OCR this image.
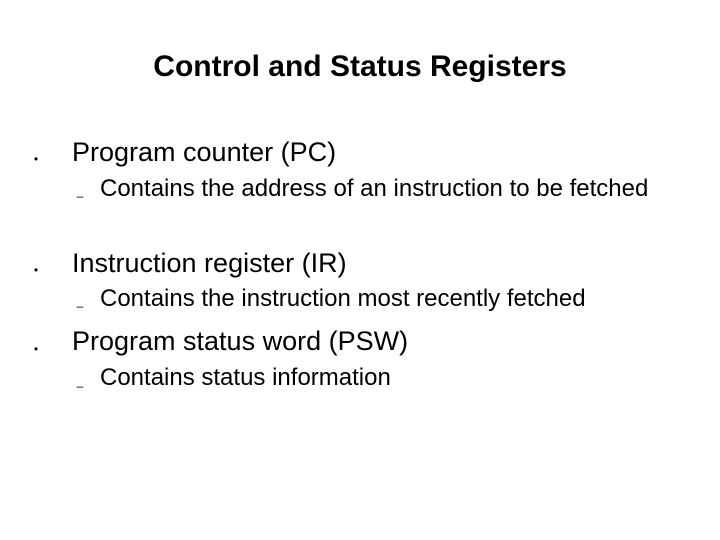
Control and Status Registers
• Program counter (PC)
– Contains the address of an instruction to be fetched
• Instruction register (IR)
– Contains the instruction most recently fetched
• Program status word (PSW)
– Contains status information
